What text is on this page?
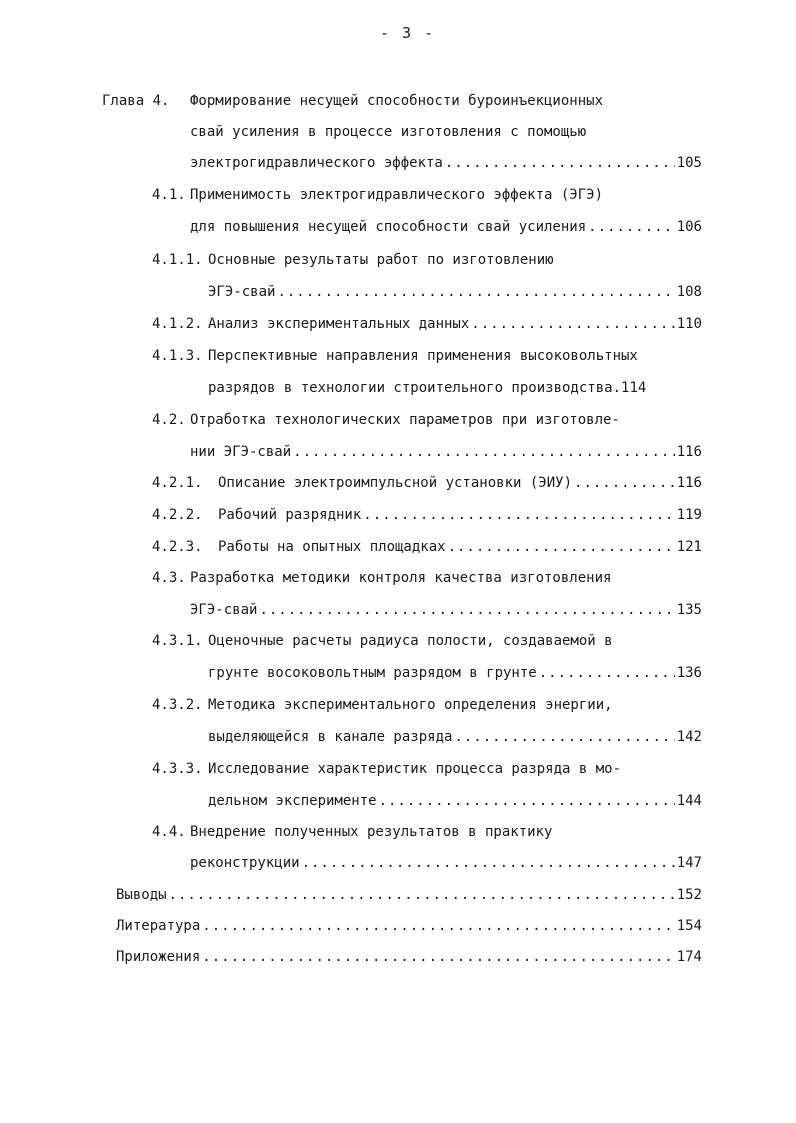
- 3 -
Глава 4.	Формирование несущей способности буроинъекционных
свай усиления в процессе изготовления с помощью
электрогидравлического эффекта .....	105
4.1. Применимость электрогидравлического эффекта (ЭГЭ)
для повышения несущей способности свай усиления .....	106
4.1.1. Основные результаты работ по изготовлению
ЭГЭ-свай .....	108
4.1.2. Анализ экспериментальных данных .....	110
4.1.3. Перспективные направления применения высоковольтных
разрядов в технологии строительного производства. 114
4.2. Отработка технологических параметров при изготовле-
нии ЭГЭ-свай .....	116
4.2.1.	Описание электроимпульсной установки (ЭИУ) .....	116
4.2.2.	Рабочий разрядник .....	119
4.2.3.	Работы на опытных площадках .....	121
4.3. Разработка методики контроля качества изготовления
ЭГЭ-свай .....	135
4.3.1. Оценочные расчеты радиуса полости, создаваемой в
грунте восоковольтным разрядом в грунте .....	136
4.3.2. Методика экспериментального определения энергии,
выделяющейся в канале разряда .....	142
4.3.3. Исследование характеристик процесса разряда в мо-
дельном эксперименте .....	144
4.4. Внедрение полученных результатов в практику
реконструкции .....	147
Выводы .....	152
Литература .....	154
Приложения .....	174
